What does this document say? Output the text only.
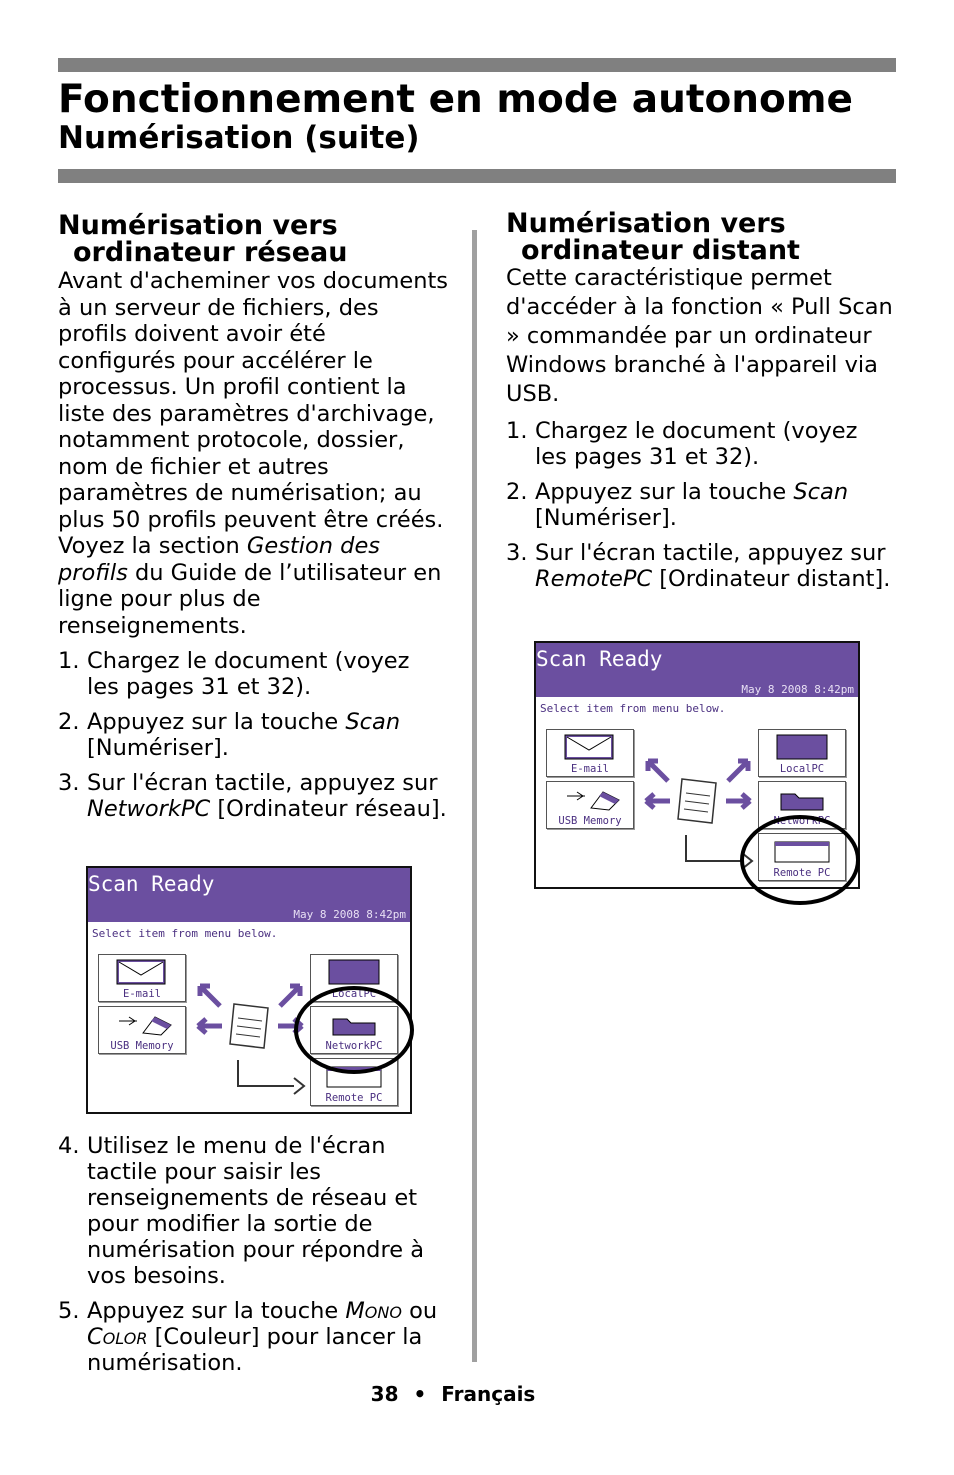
Fonctionnement en mode autonome
Numérisation (suite)
Numérisation vers
ordinateur réseau
Avant d'acheminer vos documents à un serveur de fichiers, des profils doivent avoir été configurés pour accélérer le processus. Un profil contient la liste des paramètres d'archivage, notamment protocole, dossier, nom de fichier et autres paramètres de numérisation; au plus 50 profils peuvent être créés. Voyez la section Gestion des profils du Guide de l’utilisateur en ligne pour plus de renseignements.
1. Chargez le document (voyez les pages 31 et 32).
2. Appuyez sur la touche Scan [Numériser].
3. Sur l'écran tactile, appuyez sur NetworkPC [Ordinateur réseau].
Scan Ready
May 8 2008 8:42pm
Select item from menu below.
E-mail
USB Memory
LocalPC
NetworkPC
Remote PC
4. Utilisez le menu de l'écran tactile pour saisir les renseignements de réseau et pour modifier la sortie de numérisation pour répondre à vos besoins.
5. Appuyez sur la touche Mono ou Color [Couleur] pour lancer la numérisation.
Numérisation vers
ordinateur distant
Cette caractéristique permet d'accéder à la fonction « Pull Scan » commandée par un ordinateur Windows branché à l'appareil via USB.
1. Chargez le document (voyez les pages 31 et 32).
2. Appuyez sur la touche Scan [Numériser].
3. Sur l'écran tactile, appuyez sur RemotePC [Ordinateur distant].
Scan Ready
May 8 2008 8:42pm
Select item from menu below.
E-mail
USB Memory
LocalPC
NetworkPC
Remote PC
38 • Français
